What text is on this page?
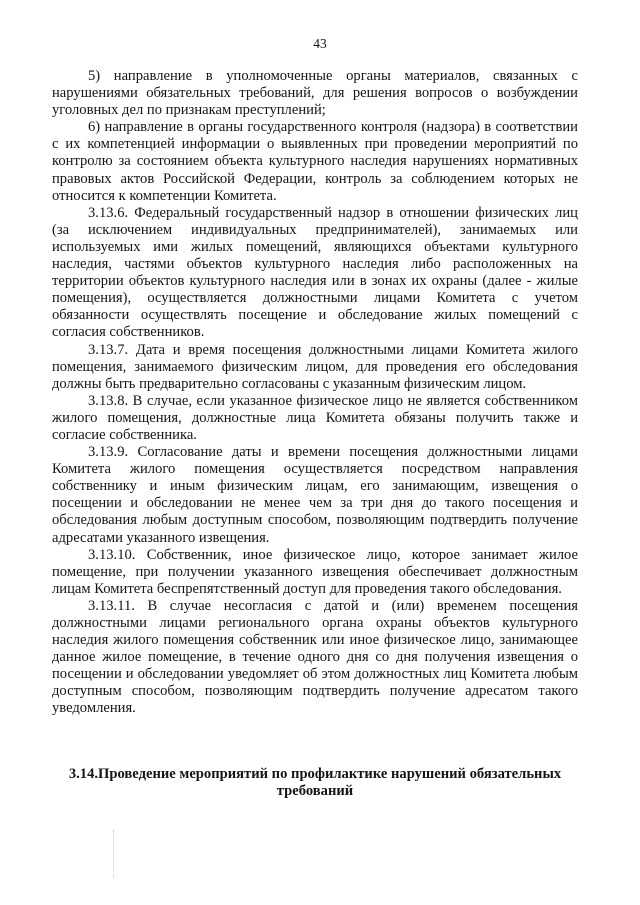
43

5) направление в уполномоченные органы материалов, связанных с нарушениями обязательных требований, для решения вопросов о возбуждении уголовных дел по признакам преступлений;

6) направление в органы государственного контроля (надзора) в соответствии с их компетенцией информации о выявленных при проведении мероприятий по контролю за состоянием объекта культурного наследия нарушениях нормативных правовых актов Российской Федерации, контроль за соблюдением которых не относится к компетенции Комитета.

3.13.6. Федеральный государственный надзор в отношении физических лиц (за исключением индивидуальных предпринимателей), занимаемых или используемых ими жилых помещений, являющихся объектами культурного наследия, частями объектов культурного наследия либо расположенных на территории объектов культурного наследия или в зонах их охраны (далее - жилые помещения), осуществляется должностными лицами Комитета с учетом обязанности осуществлять посещение и обследование жилых помещений с согласия собственников.

3.13.7. Дата и время посещения должностными лицами Комитета жилого помещения, занимаемого физическим лицом, для проведения его обследования должны быть предварительно согласованы с указанным физическим лицом.

3.13.8. В случае, если указанное физическое лицо не является собственником жилого помещения, должностные лица Комитета обязаны получить также и согласие собственника.

3.13.9. Согласование даты и времени посещения должностными лицами Комитета жилого помещения осуществляется посредством направления собственнику и иным физическим лицам, его занимающим, извещения о посещении и обследовании не менее чем за три дня до такого посещения и обследования любым доступным способом, позволяющим подтвердить получение адресатами указанного извещения.

3.13.10. Собственник, иное физическое лицо, которое занимает жилое помещение, при получении указанного извещения обеспечивает должностным лицам Комитета беспрепятственный доступ для проведения такого обследования.

3.13.11. В случае несогласия с датой и (или) временем посещения должностными лицами регионального органа охраны объектов культурного наследия жилого помещения собственник или иное физическое лицо, занимающее данное жилое помещение, в течение одного дня со дня получения извещения о посещении и обследовании уведомляет об этом должностных лиц Комитета любым доступным способом, позволяющим подтвердить получение адресатом такого уведомления.

3.14.Проведение мероприятий по профилактике нарушений обязательных требований
